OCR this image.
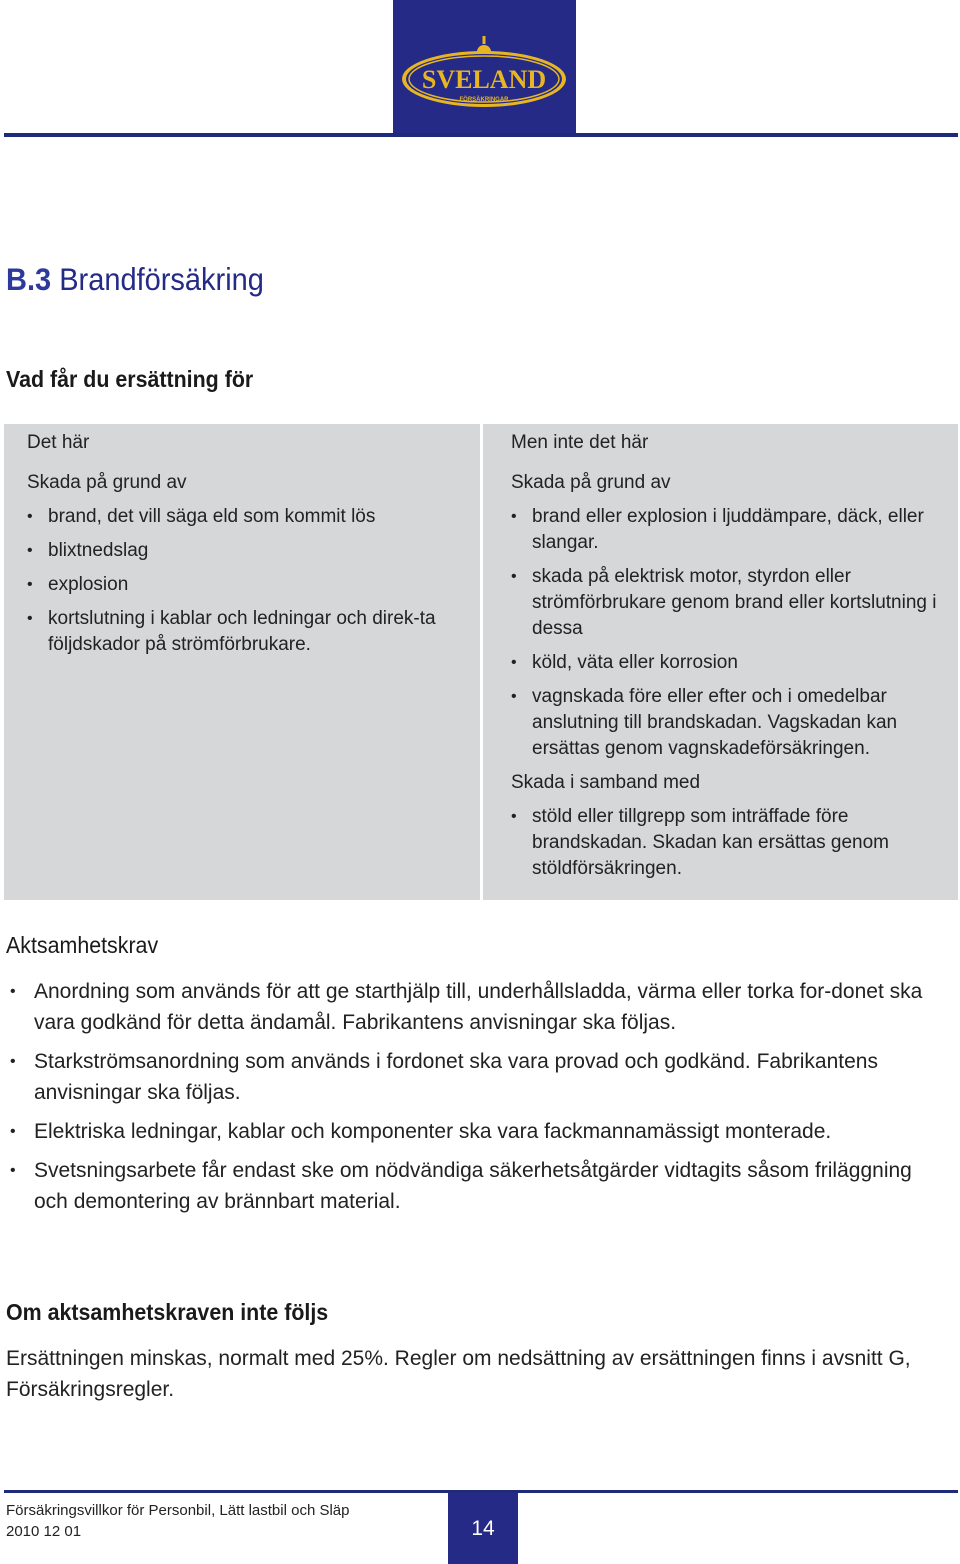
SVELAND
FÖRSÄKRINGAR
B.3 Brandförsäkring
Vad får du ersättning för

Det här

Skada på grund av

• brand, det vill säga eld som kommit lös
• blixtnedslag
• explosion
• kortslutning i kablar och ledningar och direk-ta följdskador på strömförbrukare.

Men inte det här

Skada på grund av

• brand eller explosion i ljuddämpare, däck, eller slangar.
• skada på elektrisk motor, styrdon eller strömförbrukare genom brand eller kortslutning i dessa
• köld, väta eller korrosion
• vagnskada före eller efter och i omedelbar anslutning till brandskadan. Vagskadan kan ersättas genom vagnskadeförsäkringen.

Skada i samband med

• stöld eller tillgrepp som inträffade före brandskadan. Skadan kan ersättas genom stöldförsäkringen.
Aktsamhetskrav
• Anordning som används för att ge starthjälp till, underhållsladda, värma eller torka for-donet ska vara godkänd för detta ändamål. Fabrikantens anvisningar ska följas.
• Starkströmsanordning som används i fordonet ska vara provad och godkänd. Fabrikantens anvisningar ska följas.
• Elektriska ledningar, kablar och komponenter ska vara fackmannamässigt monterade.
• Svetsningsarbete får endast ske om nödvändiga säkerhetsåtgärder vidtagits såsom friläggning och demontering av brännbart material.
Om aktsamhetskraven inte följs

Ersättningen minskas, normalt med 25%. Regler om nedsättning av ersättningen finns i avsnitt G, Försäkringsregler.

Försäkringsvillkor för Personbil, Lätt lastbil och Släp
2010 12 01	14
